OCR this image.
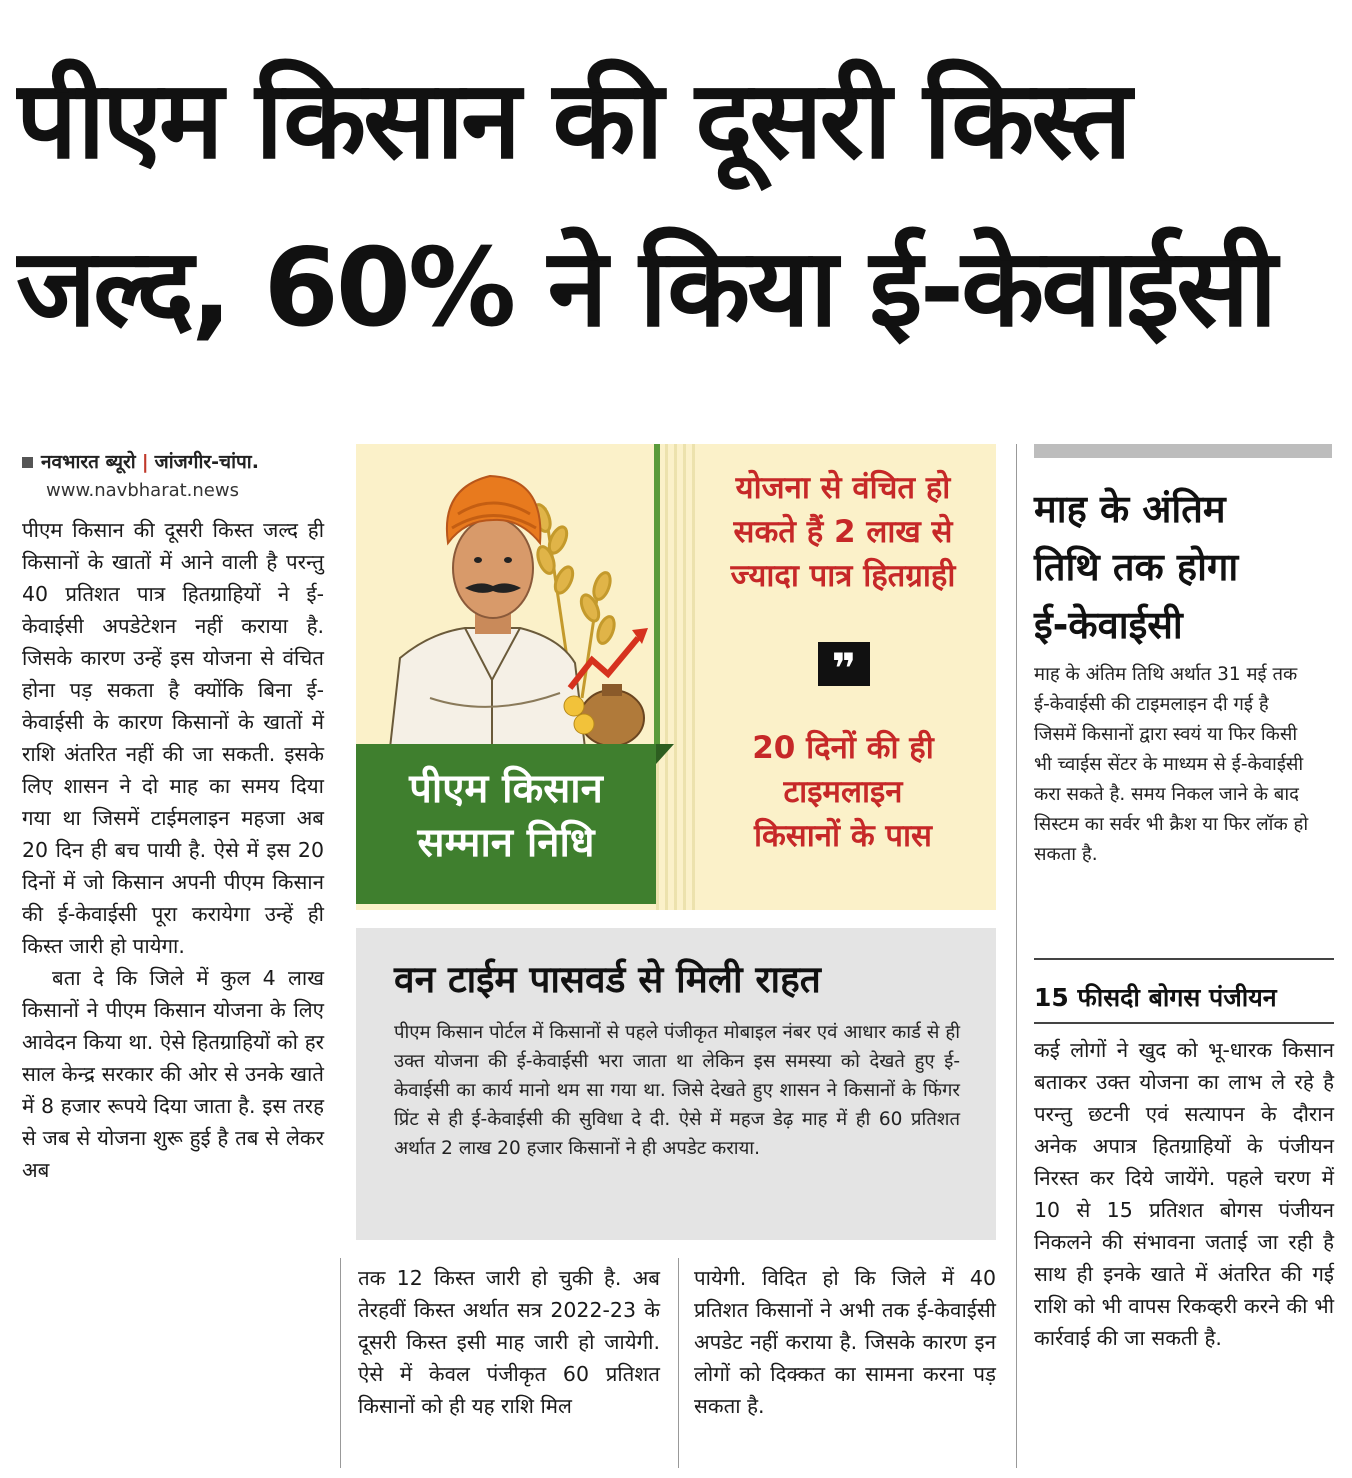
पीएम किसान की दूसरी किस्त
जल्द, 60% ने किया ई-केवाईसी
नवभारत ब्यूरो | जांजगीर-चांपा.
www.navbharat.news

पीएम किसान की दूसरी किस्त जल्द ही किसानों के खातों में आने वाली है परन्तु 40 प्रतिशत पात्र हितग्राहियों ने ई-केवाईसी अपडेटेशन नहीं कराया है. जिसके कारण उन्हें इस योजना से वंचित होना पड़ सकता है क्योंकि बिना ई-केवाईसी के कारण किसानों के खातों में राशि अंतरित नहीं की जा सकती. इसके लिए शासन ने दो माह का समय दिया गया था जिसमें टाईमलाइन महजा अब 20 दिन ही बच पायी है. ऐसे में इस 20 दिनों में जो किसान अपनी पीएम किसान की ई-केवाईसी पूरा करायेगा उन्हें ही किस्त जारी हो पायेगा.

बता दे कि जिले में कुल 4 लाख किसानों ने पीएम किसान योजना के लिए आवेदन किया था. ऐसे हितग्राहियों को हर साल केन्द्र सरकार की ओर से उनके खाते में 8 हजार रूपये दिया जाता है. इस तरह से जब से योजना शुरू हुई है तब से लेकर अब

पीएम किसान
सम्मान निधि
योजना से वंचित हो
सकते हैं 2 लाख से
ज्यादा पात्र हितग्राही
❞
20 दिनों की ही
टाइमलाइन
किसानों के पास
वन टाईम पासवर्ड से मिली राहत
पीएम किसान पोर्टल में किसानों से पहले पंजीकृत मोबाइल नंबर एवं आधार कार्ड से ही उक्त योजना की ई-केवाईसी भरा जाता था लेकिन इस समस्या को देखते हुए ई-केवाईसी का कार्य मानो थम सा गया था. जिसे देखते हुए शासन ने किसानों के फिंगर प्रिंट से ही ई-केवाईसी की सुविधा दे दी. ऐसे में महज डेढ़ माह में ही 60 प्रतिशत अर्थात 2 लाख 20 हजार किसानों ने ही अपडेट कराया.
तक 12 किस्त जारी हो चुकी है. अब तेरहवीं किस्त अर्थात सत्र 2022-23 के दूसरी किस्त इसी माह जारी हो जायेगी. ऐसे में केवल पंजीकृत 60 प्रतिशत किसानों को ही यह राशि मिल
पायेगी. विदित हो कि जिले में 40 प्रतिशत किसानों ने अभी तक ई-केवाईसी अपडेट नहीं कराया है. जिसके कारण इन लोगों को दिक्कत का सामना करना पड़ सकता है.
माह के अंतिम
तिथि तक होगा
ई-केवाईसी
माह के अंतिम तिथि अर्थात 31 मई तक ई-केवाईसी की टाइमलाइन दी गई है जिसमें किसानों द्वारा स्वयं या फिर किसी भी च्वाईस सेंटर के माध्यम से ई-केवाईसी करा सकते है. समय निकल जाने के बाद सिस्टम का सर्वर भी क्रैश या फिर लॉक हो सकता है.
15 फीसदी बोगस पंजीयन
कई लोगों ने खुद को भू-धारक किसान बताकर उक्त योजना का लाभ ले रहे है परन्तु छटनी एवं सत्यापन के दौरान अनेक अपात्र हितग्राहियों के पंजीयन निरस्त कर दिये जायेंगे. पहले चरण में 10 से 15 प्रतिशत बोगस पंजीयन निकलने की संभावना जताई जा रही है साथ ही इनके खाते में अंतरित की गई राशि को भी वापस रिकव्हरी करने की भी कार्रवाई की जा सकती है.
